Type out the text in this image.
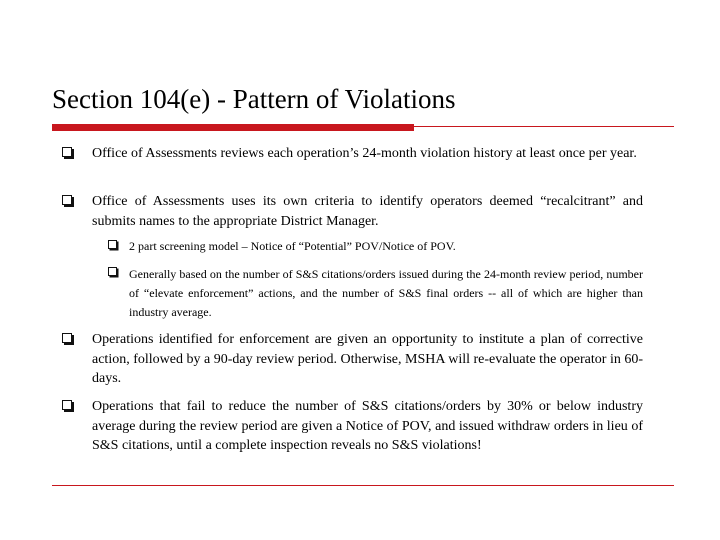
Section 104(e) - Pattern of Violations
Office of Assessments reviews each operation’s 24-month violation history at least once per year.
Office of Assessments uses its own criteria to identify operators deemed “recalcitrant” and submits names to the appropriate District Manager.
2 part screening model – Notice of “Potential” POV/Notice of POV.
Generally based on the number of S&S citations/orders issued during the 24-month review period, number of “elevate enforcement” actions, and the number of S&S final orders -- all of which are higher than industry average.
Operations identified for enforcement are given an opportunity to institute a plan of corrective action, followed by a 90-day review period. Otherwise, MSHA will re-evaluate the operator in 60-days.
Operations that fail to reduce the number of S&S citations/orders by 30% or below industry average during the review period are given a Notice of POV, and issued withdraw orders in lieu of S&S citations, until a complete inspection reveals no S&S violations!
